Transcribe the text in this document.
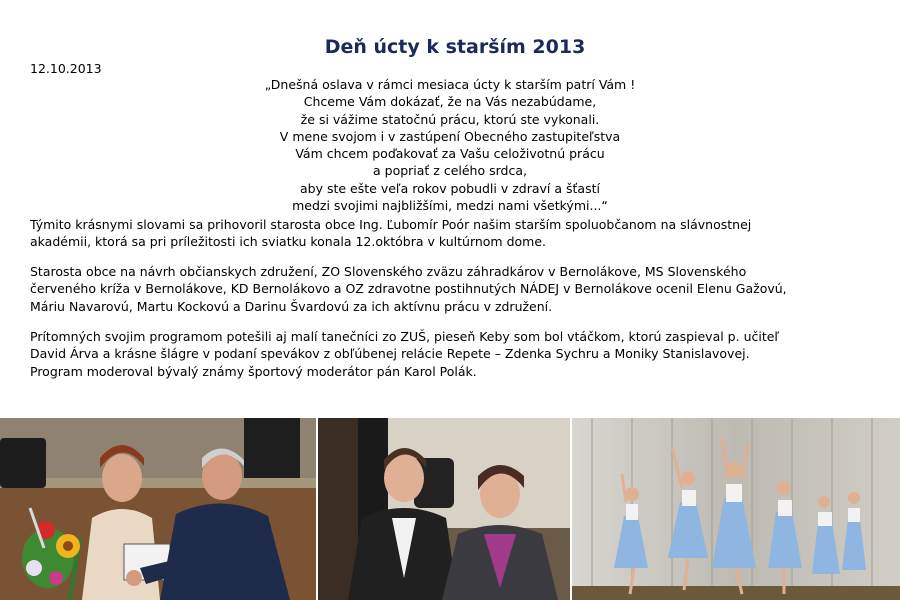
Deň úcty k starším 2013
12.10.2013
„Dnešná oslava v rámci mesiaca úcty k starším patrí Vám !
Chceme Vám dokázať, že na Vás nezabúdame,
že si vážime statočnú prácu, ktorú ste vykonali.
V mene svojom i v zastúpení Obecného zastupiteľstva
Vám chcem poďakovať za Vašu celoživotnú prácu
a popriať z celého srdca,
aby ste ešte veľa rokov pobudli v zdraví a šťastí
medzi svojimi najbližšími, medzi nami všetkými...“
Týmito krásnymi slovami sa prihovoril starosta obce Ing. Ľubomír Poór našim starším spoluobčanom na slávnostnej
akadémii, ktorá sa pri príležitosti ich sviatku konala 12.októbra v kultúrnom dome.
Starosta obce na návrh občianskych združení, ZO Slovenského zväzu záhradkárov v Bernolákove, MS Slovenského
červeného kríža v Bernolákove, KD Bernolákovo a OZ zdravotne postihnutých NÁDEJ v Bernolákove ocenil Elenu Gažovú,
Máriu Navarovú, Martu Kockovú a Darinu Švardovú za ich aktívnu prácu v združení.
Prítomných svojim programom potešili aj malí tanečníci zo ZUŠ, pieseň Keby som bol vtáčkom, ktorú zaspieval p. učiteľ
David Árva a krásne šlágre v podaní spevákov z obľúbenej relácie Repete – Zdenka Sychru a Moniky Stanislavovej.
Program moderoval bývalý známy športový moderátor pán Karol Polák.
